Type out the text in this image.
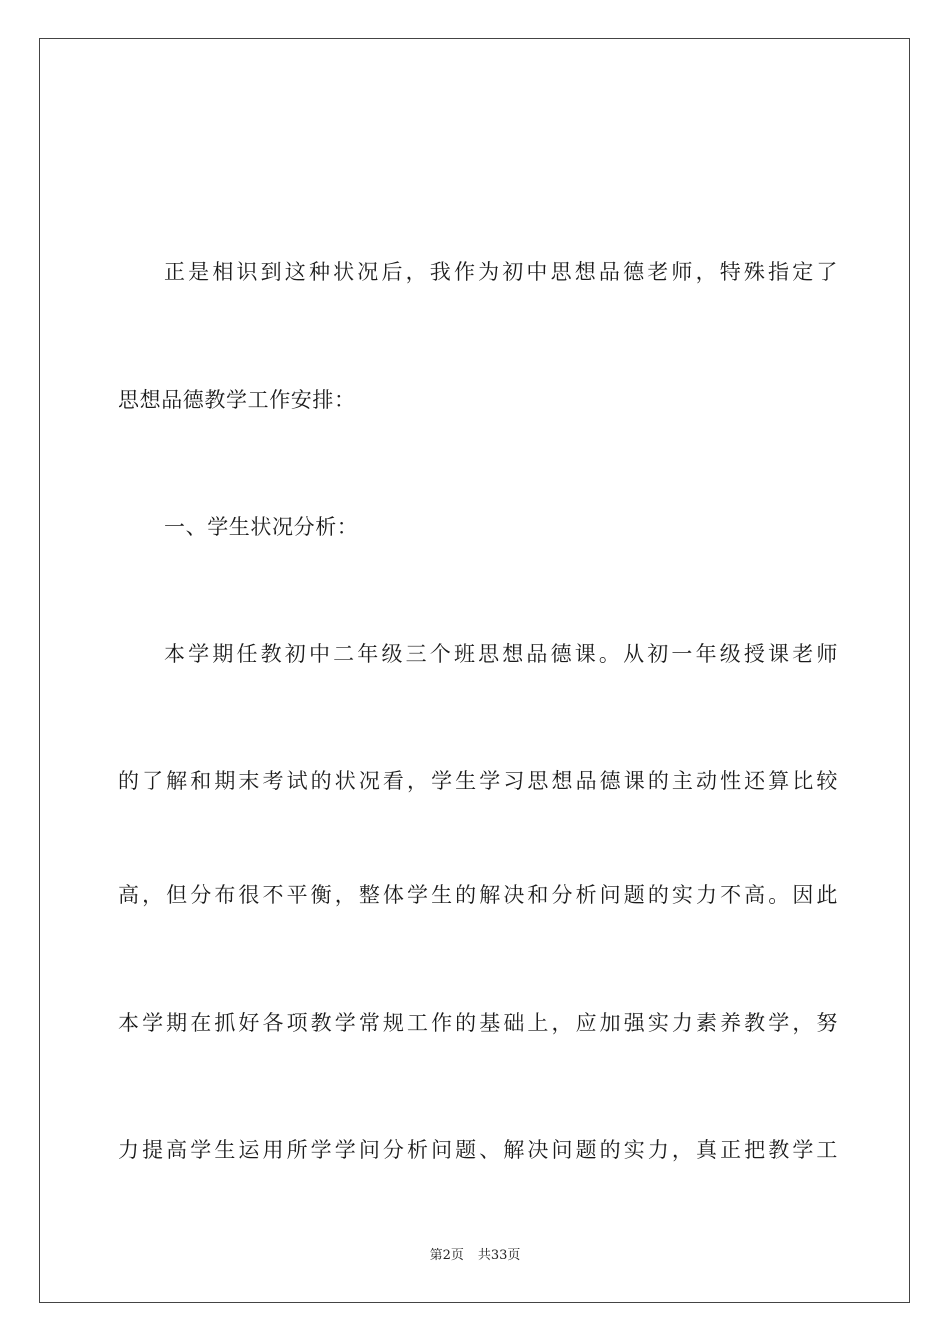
正是相识到这种状况后，我作为初中思想品德老师，特殊指定了
思想品德教学工作安排：
一、学生状况分析：
本学期任教初中二年级三个班思想品德课。从初一年级授课老师
的了解和期末考试的状况看，学生学习思想品德课的主动性还算比较
高，但分布很不平衡，整体学生的解决和分析问题的实力不高。因此
本学期在抓好各项教学常规工作的基础上，应加强实力素养教学，努
力提高学生运用所学学问分析问题、解决问题的实力，真正把教学工
第2页 共33页
